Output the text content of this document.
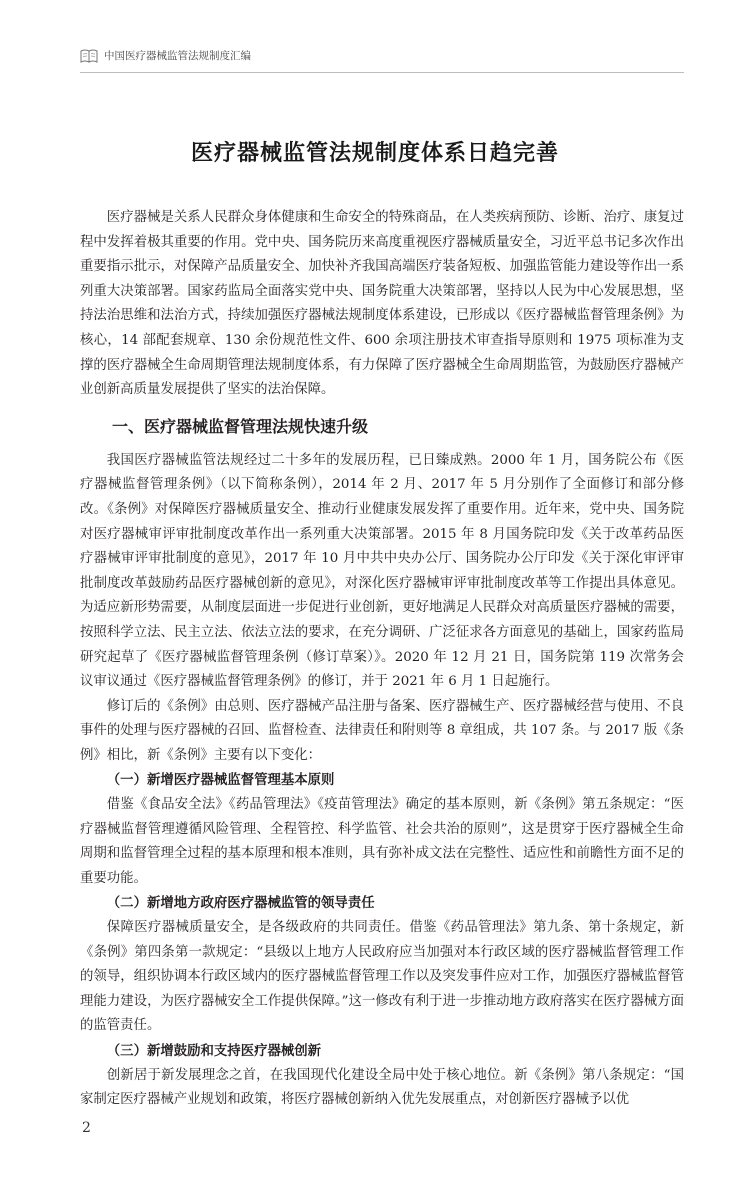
中国医疗器械监管法规制度汇编
医疗器械监管法规制度体系日趋完善

医疗器械是关系人民群众身体健康和生命安全的特殊商品，在人类疾病预防、诊断、治疗、康复过程中发挥着极其重要的作用。党中央、国务院历来高度重视医疗器械质量安全，习近平总书记多次作出重要指示批示，对保障产品质量安全、加快补齐我国高端医疗装备短板、加强监管能力建设等作出一系列重大决策部署。国家药监局全面落实党中央、国务院重大决策部署，坚持以人民为中心发展思想，坚持法治思维和法治方式，持续加强医疗器械法规制度体系建设，已形成以《医疗器械监督管理条例》为核心，14 部配套规章、130 余份规范性文件、600 余项注册技术审查指导原则和 1975 项标准为支撑的医疗器械全生命周期管理法规制度体系，有力保障了医疗器械全生命周期监管，为鼓励医疗器械产业创新高质量发展提供了坚实的法治保障。

一、医疗器械监督管理法规快速升级

我国医疗器械监管法规经过二十多年的发展历程，已日臻成熟。2000 年 1 月，国务院公布《医疗器械监督管理条例》（以下简称条例），2014 年 2 月、2017 年 5 月分别作了全面修订和部分修改。《条例》对保障医疗器械质量安全、推动行业健康发展发挥了重要作用。近年来，党中央、国务院对医疗器械审评审批制度改革作出一系列重大决策部署。2015 年 8 月国务院印发《关于改革药品医疗器械审评审批制度的意见》，2017 年 10 月中共中央办公厅、国务院办公厅印发《关于深化审评审批制度改革鼓励药品医疗器械创新的意见》，对深化医疗器械审评审批制度改革等工作提出具体意见。为适应新形势需要，从制度层面进一步促进行业创新，更好地满足人民群众对高质量医疗器械的需要，按照科学立法、民主立法、依法立法的要求，在充分调研、广泛征求各方面意见的基础上，国家药监局研究起草了《医疗器械监督管理条例（修订草案）》。2020 年 12 月 21 日，国务院第 119 次常务会议审议通过《医疗器械监督管理条例》的修订，并于 2021 年 6 月 1 日起施行。

修订后的《条例》由总则、医疗器械产品注册与备案、医疗器械生产、医疗器械经营与使用、不良事件的处理与医疗器械的召回、监督检查、法律责任和附则等 8 章组成，共 107 条。与 2017 版《条例》相比，新《条例》主要有以下变化：

（一）新增医疗器械监督管理基本原则

借鉴《食品安全法》《药品管理法》《疫苗管理法》确定的基本原则，新《条例》第五条规定：“医疗器械监督管理遵循风险管理、全程管控、科学监管、社会共治的原则”，这是贯穿于医疗器械全生命周期和监督管理全过程的基本原理和根本准则，具有弥补成文法在完整性、适应性和前瞻性方面不足的重要功能。

（二）新增地方政府医疗器械监管的领导责任

保障医疗器械质量安全，是各级政府的共同责任。借鉴《药品管理法》第九条、第十条规定，新《条例》第四条第一款规定：“县级以上地方人民政府应当加强对本行政区域的医疗器械监督管理工作的领导，组织协调本行政区域内的医疗器械监督管理工作以及突发事件应对工作，加强医疗器械监督管理能力建设，为医疗器械安全工作提供保障。”这一修改有利于进一步推动地方政府落实在医疗器械方面的监管责任。

（三）新增鼓励和支持医疗器械创新

创新居于新发展理念之首，在我国现代化建设全局中处于核心地位。新《条例》第八条规定：“国家制定医疗器械产业规划和政策，将医疗器械创新纳入优先发展重点，对创新医疗器械予以优

2
